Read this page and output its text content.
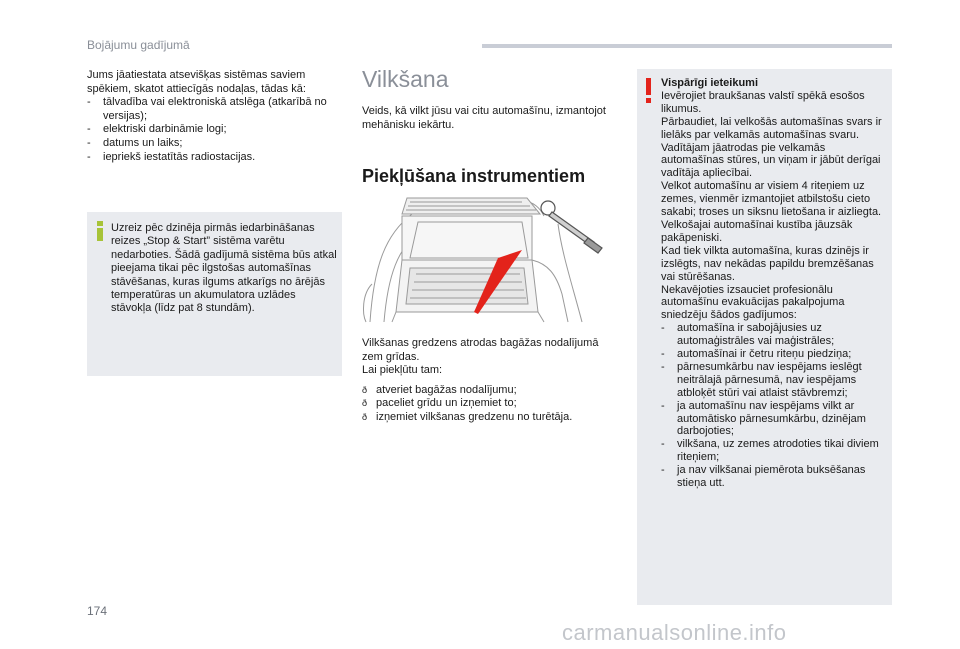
Bojājumu gadījumā

Jums jāatiestata atsevišķas sistēmas saviem spēkiem, skatot attiecīgās nodaļas, tādas kā:

- tālvadība vai elektroniskā atslēga (atkarībā no versijas);
- elektriski darbināmie logi;
- datums un laiks;
- iepriekš iestatītās radiostacijas.
Uzreiz pēc dzinēja pirmās iedarbināšanas reizes „Stop & Start” sistēma varētu nedarboties. Šādā gadījumā sistēma būs atkal pieejama tikai pēc ilgstošas automašīnas stāvēšanas, kuras ilgums atkarīgs no ārējās temperatūras un akumulatora uzlādes stāvokļa (līdz pat 8 stundām).
Vilkšana
Veids, kā vilkt jūsu vai citu automašīnu, izmantojot mehānisku iekārtu.
Piekļūšana instrumentiem

Vilkšanas gredzens atrodas bagāžas nodalījumā zem grīdas.

Lai piekļūtu tam:

ð atveriet bagāžas nodalījumu;
ð paceliet grīdu un izņemiet to;
ð izņemiet vilkšanas gredzenu no turētāja.
Vispārīgi ieteikumi
Ievērojiet braukšanas valstī spēkā esošos likumus.
Pārbaudiet, lai velkošās automašīnas svars ir lielāks par velkamās automašīnas svaru.
Vadītājam jāatrodas pie velkamās automašīnas stūres, un viņam ir jābūt derīgai vadītāja apliecībai.
Velkot automašīnu ar visiem 4 riteņiem uz zemes, vienmēr izmantojiet atbilstošu cieto sakabi; troses un siksnu lietošana ir aizliegta.
Velkošajai automašīnai kustība jāuzsāk pakāpeniski.
Kad tiek vilkta automašīna, kuras dzinējs ir izslēgts, nav nekādas papildu bremzēšanas vai stūrēšanas.
Nekavējoties izsauciet profesionālu automašīnu evakuācijas pakalpojuma sniedzēju šādos gadījumos:
- automašīna ir sabojājusies uz automaģistrāles vai maģistrāles;
- automašīnai ir četru riteņu piedziņa;
- pārnesumkārbu nav iespējams ieslēgt neitrālajā pārnesumā, nav iespējams atbloķēt stūri vai atlaist stāvbremzi;
- ja automašīnu nav iespējams vilkt ar automātisko pārnesumkārbu, dzinējam darbojoties;
- vilkšana, uz zemes atrodoties tikai diviem riteņiem;
- ja nav vilkšanai piemērota buksēšanas stieņa utt.
174
carmanualsonline.info
